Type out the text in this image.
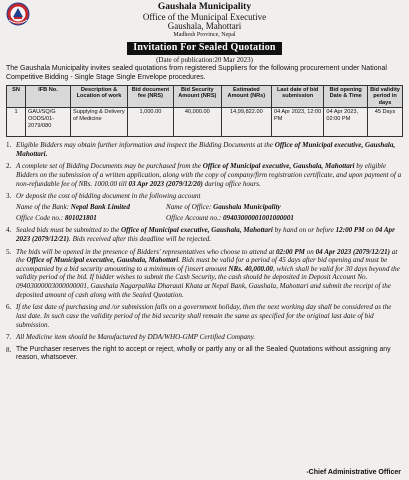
Gaushala Municipality
Office of the Municipal Executive
Gaushala, Mahottari
Madhesh Province, Nepal
Invitation For Sealed Quotation
(Date of publication:20 Mar 2023)
The Gaushala Municipality invites sealed quotations from registered Suppliers for the following procurement under National Competitive Bidding - Single Stage Single Envelope procedures.
SN	IFB No.	Description & Location of work	Bid document fee (NRS)	Bid Security Amount (NRS)	Estimated Amount (NRs)	Last date of bid submission	Bid opening Date & Time	Bid validity period in days
1	GAU/SQ/G OODS/01-2079/080	Supplying & Delivery of Medicine	1,000.00	40,000.00	14,99,822.00	04 Apr 2023, 12:00 PM	04 Apr 2023, 02:00 PM	45 Days
1. Eligible Bidders may obtain further information and inspect the Bidding Documents at the Office of Municipal executive, Gaushala, Mahottari.
2. A complete set of Bidding Documents may be purchased from the Office of Municipal executive, Gaushala, Mahottari by eligible Bidders on the submission of a written application, along with the copy of company/firm registration certificate, and upon payment of a non-refundable fee of NRs. 1000.00 till 03 Apr 2023 (2079/12/20) during office hours.
3. Or deposit the cost of bidding document in the following account
Name of the Bank: Nepal Bank Limited	Name of Office: Gaushala Municipality
Office Code no.: 801021801	Office Account no.: 09403000001001000001
4. Sealed bids must be submitted to the Office of Municipal executive, Gaushala, Mahottari by hand on or before 12:00 PM on 04 Apr 2023 (2079/12/21). Bids received after this deadline will be rejected.
5. The bids will be opened in the presence of Bidders' representatives who choose to attend at 02:00 PM on 04 Apr 2023 (2079/12/21) at the Office of Municipal executive, Gaushala, Mahottari. Bids must be valid for a period of 45 days after bid opening and must be accompanied by a bid security amounting to a minimum of [insert amount NRs. 40,000.00, which shall be valid for 30 days beyond the validity period of the bid. If bidder wishes to submit the Cash Security, the cash should be deposited in Deposit Account No. 09403000003000000001, Gaushala Nagarpalika Dharauti Khata at Nepal Bank, Gaushala, Mahottari and submit the receipt of the deposited amount of cash along with the Sealed Quotation.
6. If the last date of purchasing and /or submission falls on a government holiday, then the next working day shall be considered as the last date. In such case the validity period of the bid security shall remain the same as specified for the original last date of bid submission.
7. All Medicine item should be Manufactured by DDA/WHO-GMP Certified Company.
8. The Purchaser reserves the right to accept or reject, wholly or partly any or all the Sealed Quotations without assigning any reason, whatsoever.
-Chief Administrative Officer
